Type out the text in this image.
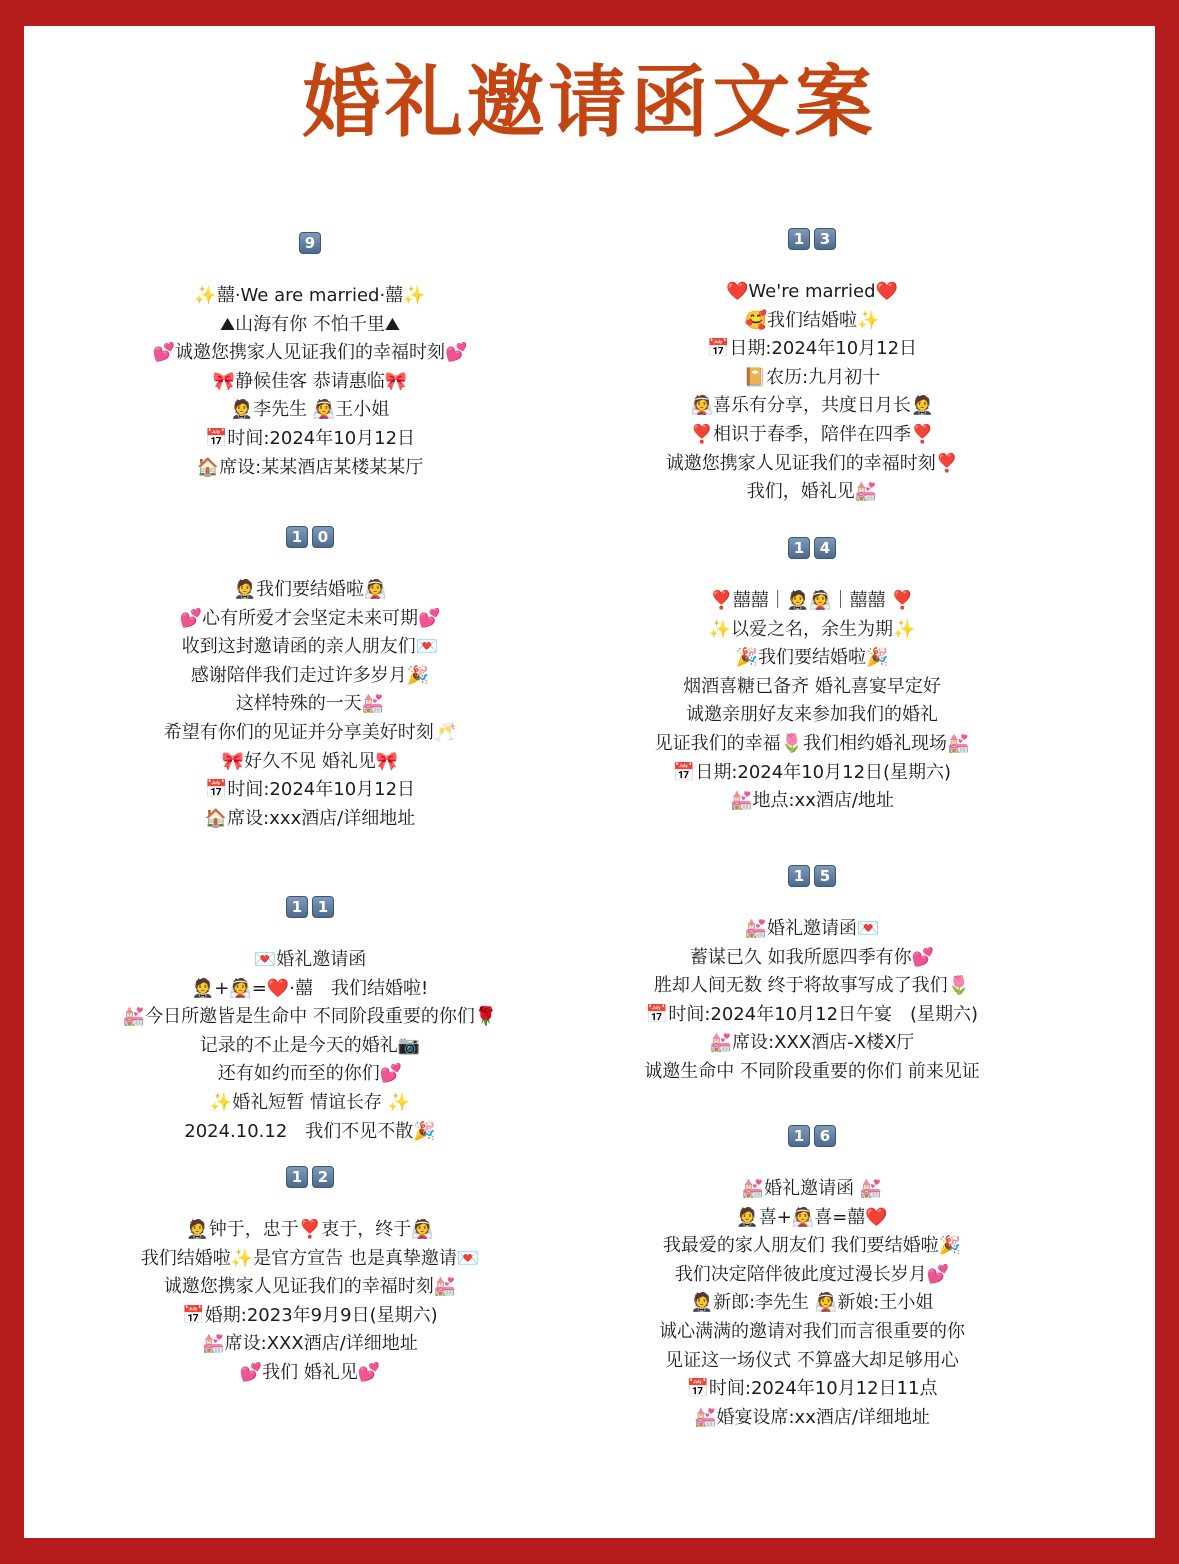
婚礼邀请函文案
9
✨囍·We are married·囍✨
⛰山海有你 不怕千里⛰
💕诚邀您携家人见证我们的幸福时刻💕
🎀静候佳客 恭请惠临🎀
🤵李先生 👰王小姐
📅时间:2024年10月12日
🏠席设:某某酒店某楼某某厅
1	0
🤵我们要结婚啦👰
💕心有所爱才会坚定未来可期💕
收到这封邀请函的亲人朋友们💌
感谢陪伴我们走过许多岁月🎉
这样特殊的一天💒
希望有你们的见证并分享美好时刻🥂
🎀好久不见 婚礼见🎀
📅时间:2024年10月12日
🏠席设:xxx酒店/详细地址
1	1
💌婚礼邀请函
🤵+👰=❤️·囍　我们结婚啦!
💒今日所邀皆是生命中 不同阶段重要的你们🌹
记录的不止是今天的婚礼📷
还有如约而至的你们💕
✨婚礼短暂 情谊长存 ✨
2024.10.12　我们不见不散🎉
1	2
🤵钟于，忠于❣️衷于，终于👰
我们结婚啦✨是官方宣告 也是真挚邀请💌
诚邀您携家人见证我们的幸福时刻💒
📅婚期:2023年9月9日(星期六)
💒席设:XXX酒店/详细地址
💕我们 婚礼见💕
1	3
❤️We're married❤️
🥰我们结婚啦✨
📅日期:2024年10月12日
📔农历:九月初十
👰喜乐有分享，共度日月长🤵
❣️相识于春季，陪伴在四季❣️
诚邀您携家人见证我们的幸福时刻❣️
我们，婚礼见💒
1	4
❣️囍囍｜🤵👰｜囍囍 ❣️
✨以爱之名，余生为期✨
🎉我们要结婚啦🎉
烟酒喜糖已备齐 婚礼喜宴早定好
诚邀亲朋好友来参加我们的婚礼
见证我们的幸福🌷我们相约婚礼现场💒
📅日期:2024年10月12日(星期六)
💒地点:xx酒店/地址
1	5
💒婚礼邀请函💌
蓄谋已久 如我所愿四季有你💕
胜却人间无数 终于将故事写成了我们🌷
📅时间:2024年10月12日午宴　(星期六)
💒席设:XXX酒店-X楼X厅
诚邀生命中 不同阶段重要的你们 前来见证
1	6
💒婚礼邀请函 💒
🤵喜+👰喜=囍❤️
我最爱的家人朋友们 我们要结婚啦🎉
我们决定陪伴彼此度过漫长岁月💕
🤵新郎:李先生 👰新娘:王小姐
诚心满满的邀请对我们而言很重要的你
见证这一场仪式 不算盛大却足够用心
📅时间:2024年10月12日11点
💒婚宴设席:xx酒店/详细地址
